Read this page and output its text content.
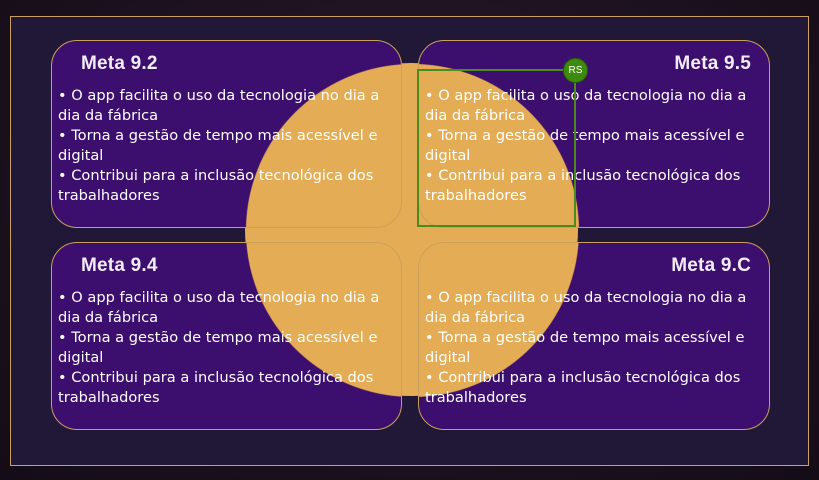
Meta 9.2
• O app facilita o uso da tecnologia no dia a dia da fábrica
• Torna a gestão de tempo mais acessível e digital
• Contribui para a inclusão tecnológica dos trabalhadores
Meta 9.5
• O app facilita o uso da tecnologia no dia a dia da fábrica
• Torna a gestão de tempo mais acessível e digital
• Contribui para a inclusão tecnológica dos trabalhadores
Meta 9.4
• O app facilita o uso da tecnologia no dia a dia da fábrica
• Torna a gestão de tempo mais acessível e digital
• Contribui para a inclusão tecnológica dos trabalhadores
Meta 9.C
• O app facilita o uso da tecnologia no dia a dia da fábrica
• Torna a gestão de tempo mais acessível e digital
• Contribui para a inclusão tecnológica dos trabalhadores
RS
